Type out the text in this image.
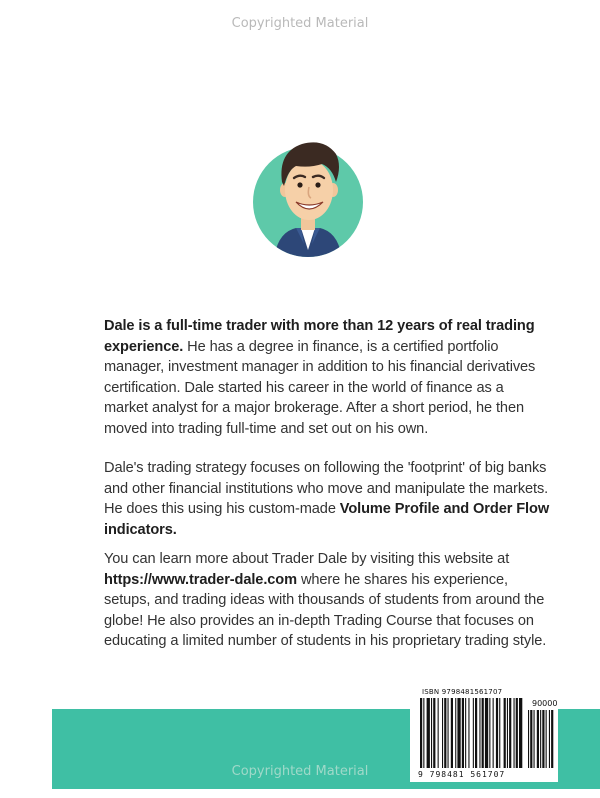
Copyrighted Material
Dale is a full-time trader with more than 12 years of real trading experience. He has a degree in finance, is a certified portfolio manager, investment manager in addition to his financial derivatives certification. Dale started his career in the world of finance as a market analyst for a major brokerage. After a short period, he then moved into trading full-time and set out on his own.
Dale's trading strategy focuses on following the 'footprint' of big banks and other financial institutions who move and manipulate the markets. He does this using his custom-made Volume Profile and Order Flow indicators.
You can learn more about Trader Dale by visiting this website at https://www.trader-dale.com where he shares his experience, setups, and trading ideas with thousands of students from around the globe! He also provides an in-depth Trading Course that focuses on educating a limited number of students in his proprietary trading style.
ISBN 9798481561707
90000
9 798481 561707
Copyrighted Material
